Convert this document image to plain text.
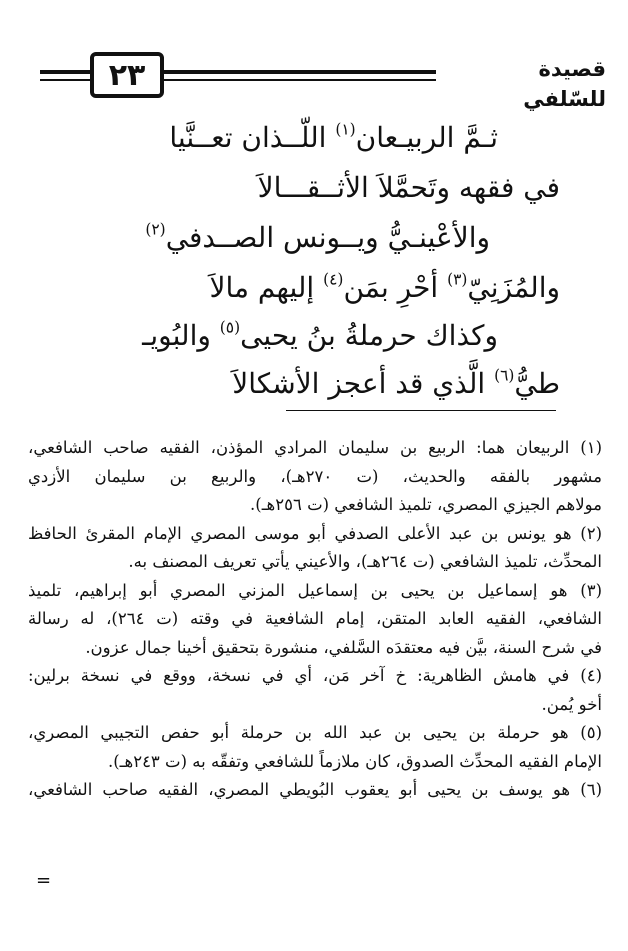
٢٣	قصيدة للسّلفي
ثـمَّ الربيـعان$^{(١)}$ اللّــذان تعــنَّيا
في فقهه وتَحمَّلاَ الأثــقـــالاَ
والأعْينـيُّ ويــونس الصــدفي$^{(٢)}$
والمُزَنِيّ$^{(٣)}$ أحْرِ بمَن$^{(٤)}$ إليهم مالاَ
وكذاك حرملةُ بنُ يحيى$^{(٥)}$ والبُويـ
طيُّ$^{(٦)}$ الَّذي قد أعجز الأشكالاَ
(١) الربيعان هما: الربيع بن سليمان المرادي المؤذن، الفقيه صاحب الشافعي،
مشهور بالفقه والحديث، (ت ٢٧٠هـ)، والربيع بن سليمان الأزدي
مولاهم الجيزي المصري، تلميذ الشافعي (ت ٢٥٦هـ).
(٢) هو يونس بن عبد الأعلى الصدفي أبو موسى المصري الإمام المقرئ الحافظ
المحدِّث، تلميذ الشافعي (ت ٢٦٤هـ)، والأعيني يأتي تعريف المصنف به.
(٣) هو إسماعيل بن يحيى بن إسماعيل المزني المصري أبو إبراهيم، تلميذ
الشافعي، الفقيه العابد المتقن، إمام الشافعية في وقته (ت ٢٦٤)، له رسالة
في شرح السنة، بيَّن فيه معتقدَه السَّلفي، منشورة بتحقيق أخينا جمال عزون.
(٤) في هامش الظاهرية: خ آخر مَن، أي في نسخة، ووقع في نسخة برلين:
أخو يُمن.
(٥) هو حرملة بن يحيى بن عبد الله بن حرملة أبو حفص التجيبي المصري،
الإمام الفقيه المحدِّث الصدوق، كان ملازماً للشافعي وتفقّه به (ت ٢٤٣هـ).
(٦) هو يوسف بن يحيى أبو يعقوب البُويطي المصري، الفقيه صاحب الشافعي،
=
